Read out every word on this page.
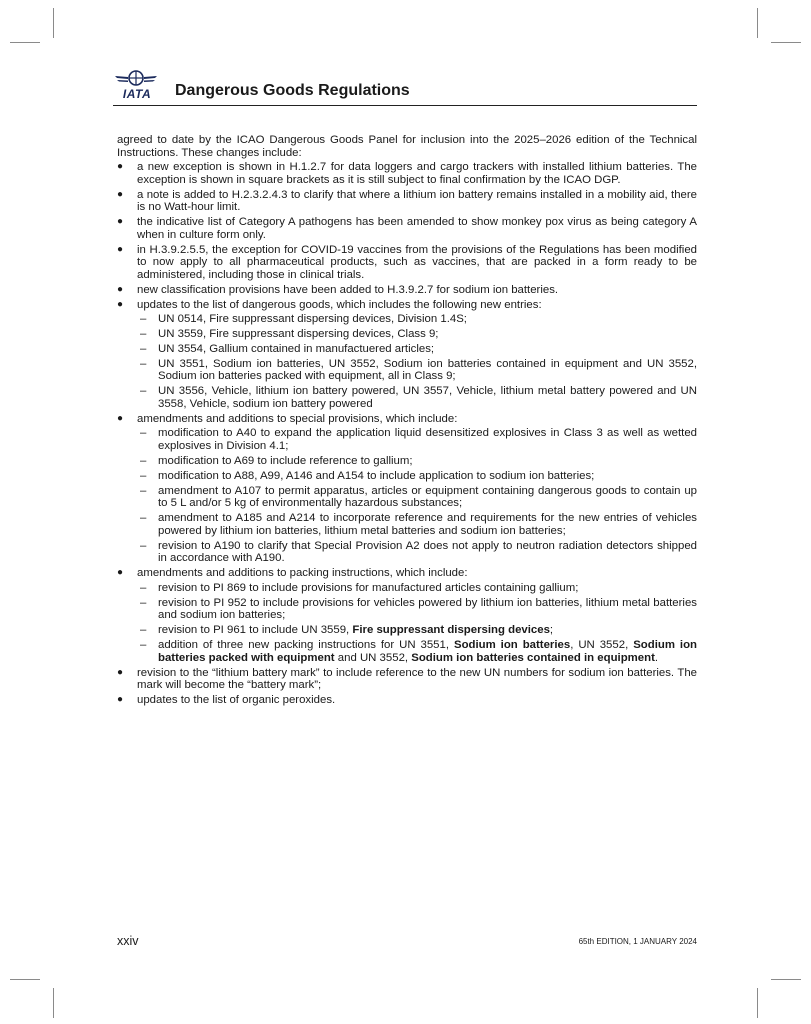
IATA	Dangerous Goods Regulations

agreed to date by the ICAO Dangerous Goods Panel for inclusion into the 2025–2026 edition of the Technical Instructions. These changes include:

● a new exception is shown in H.1.2.7 for data loggers and cargo trackers with installed lithium batteries. The exception is shown in square brackets as it is still subject to final confirmation by the ICAO DGP.
● a note is added to H.2.3.2.4.3 to clarify that where a lithium ion battery remains installed in a mobility aid, there is no Watt-hour limit.
● the indicative list of Category A pathogens has been amended to show monkey pox virus as being category A when in culture form only.
● in H.3.9.2.5.5, the exception for COVID-19 vaccines from the provisions of the Regulations has been modified to now apply to all pharmaceutical products, such as vaccines, that are packed in a form ready to be administered, including those in clinical trials.
● new classification provisions have been added to H.3.9.2.7 for sodium ion batteries.
● updates to the list of dangerous goods, which includes the following new entries:
– UN 0514, Fire suppressant dispersing devices, Division 1.4S;
– UN 3559, Fire suppressant dispersing devices, Class 9;
– UN 3554, Gallium contained in manufactuered articles;
– UN 3551, Sodium ion batteries, UN 3552, Sodium ion batteries contained in equipment and UN 3552, Sodium ion batteries packed with equipment, all in Class 9;
– UN 3556, Vehicle, lithium ion battery powered, UN 3557, Vehicle, lithium metal battery powered and UN 3558, Vehicle, sodium ion battery powered
● amendments and additions to special provisions, which include:
– modification to A40 to expand the application liquid desensitized explosives in Class 3 as well as wetted explosives in Division 4.1;
– modification to A69 to include reference to gallium;
– modification to A88, A99, A146 and A154 to include application to sodium ion batteries;
– amendment to A107 to permit apparatus, articles or equipment containing dangerous goods to contain up to 5 L and/or 5 kg of environmentally hazardous substances;
– amendment to A185 and A214 to incorporate reference and requirements for the new entries of vehicles powered by lithium ion batteries, lithium metal batteries and sodium ion batteries;
– revision to A190 to clarify that Special Provision A2 does not apply to neutron radiation detectors shipped in accordance with A190.
● amendments and additions to packing instructions, which include:
– revision to PI 869 to include provisions for manufactured articles containing gallium;
– revision to PI 952 to include provisions for vehicles powered by lithium ion batteries, lithium metal batteries and sodium ion batteries;
– revision to PI 961 to include UN 3559, Fire suppressant dispersing devices;
– addition of three new packing instructions for UN 3551, Sodium ion batteries, UN 3552, Sodium ion batteries packed with equipment and UN 3552, Sodium ion batteries contained in equipment.
● revision to the “lithium battery mark” to include reference to the new UN numbers for sodium ion batteries. The mark will become the “battery mark”;
● updates to the list of organic peroxides.
xxiv	65th EDITION, 1 JANUARY 2024
